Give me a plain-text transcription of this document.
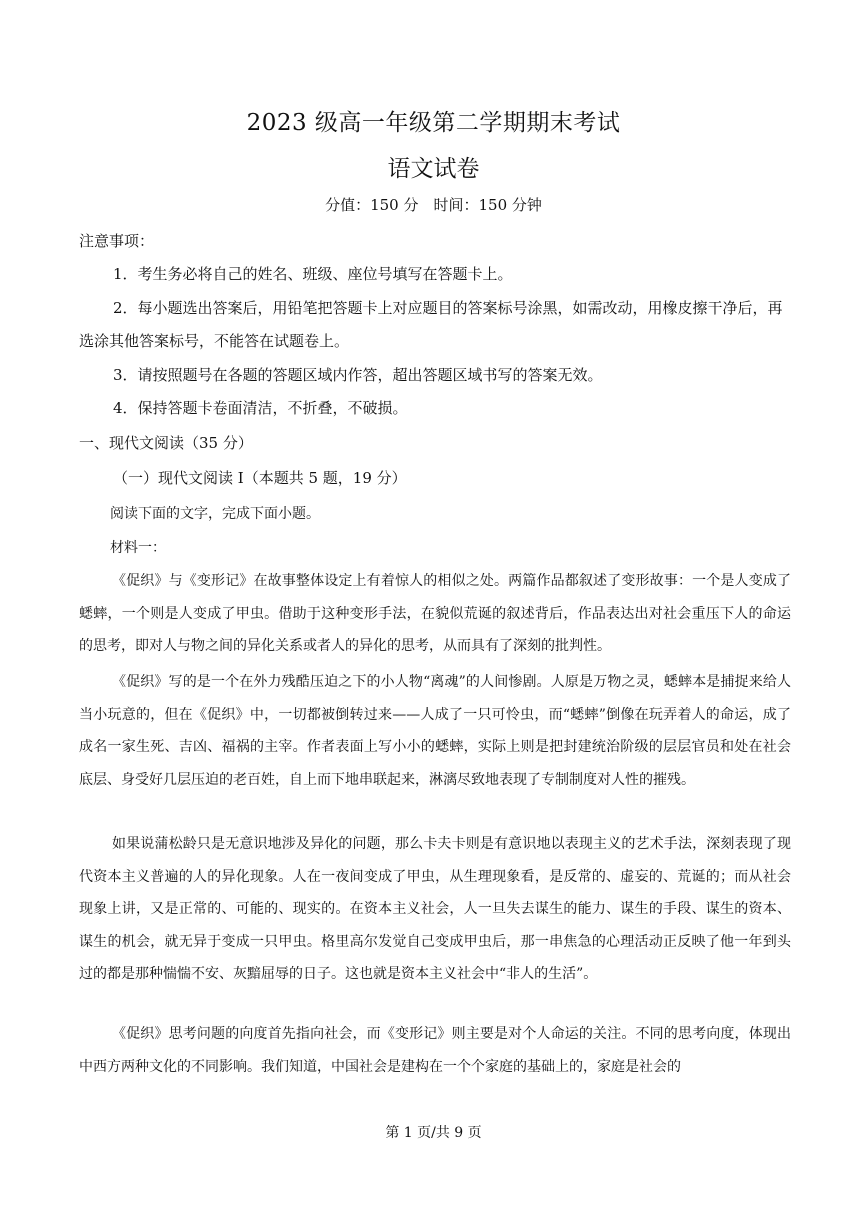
2023 级高一年级第二学期期末考试
语文试卷
分值：150 分　时间：150 分钟
注意事项：
1．考生务必将自己的姓名、班级、座位号填写在答题卡上。
2．每小题选出答案后，用铅笔把答题卡上对应题目的答案标号涂黑，如需改动，用橡皮擦干净后，再选涂其他答案标号，不能答在试题卷上。
3．请按照题号在各题的答题区域内作答，超出答题区域书写的答案无效。
4．保持答题卡卷面清洁，不折叠，不破损。
一、现代文阅读（35 分）
（一）现代文阅读 I（本题共 5 题，19 分）
阅读下面的文字，完成下面小题。
材料一：

《促织》与《变形记》在故事整体设定上有着惊人的相似之处。两篇作品都叙述了变形故事：一个是人变成了蟋蟀，一个则是人变成了甲虫。借助于这种变形手法，在貌似荒诞的叙述背后，作品表达出对社会重压下人的命运的思考，即对人与物之间的异化关系或者人的异化的思考，从而具有了深刻的批判性。

《促织》写的是一个在外力残酷压迫之下的小人物“离魂”的人间惨剧。人原是万物之灵，蟋蟀本是捕捉来给人当小玩意的，但在《促织》中，一切都被倒转过来——人成了一只可怜虫，而“蟋蟀”倒像在玩弄着人的命运，成了成名一家生死、吉凶、福祸的主宰。作者表面上写小小的蟋蟀，实际上则是把封建统治阶级的层层官员和处在社会底层、身受好几层压迫的老百姓，自上而下地串联起来，淋漓尽致地表现了专制制度对人性的摧残。

如果说蒲松龄只是无意识地涉及异化的问题，那么卡夫卡则是有意识地以表现主义的艺术手法，深刻表现了现代资本主义普遍的人的异化现象。人在一夜间变成了甲虫，从生理现象看，是反常的、虚妄的、荒诞的；而从社会现象上讲，又是正常的、可能的、现实的。在资本主义社会，人一旦失去谋生的能力、谋生的手段、谋生的资本、谋生的机会，就无异于变成一只甲虫。格里高尔发觉自己变成甲虫后，那一串焦急的心理活动正反映了他一年到头过的都是那种惴惴不安、灰黯屈辱的日子。这也就是资本主义社会中“非人的生活”。

《促织》思考问题的向度首先指向社会，而《变形记》则主要是对个人命运的关注。不同的思考向度，体现出中西方两种文化的不同影响。我们知道，中国社会是建构在一个个家庭的基础上的，家庭是社会的

第 1 页/共 9 页
